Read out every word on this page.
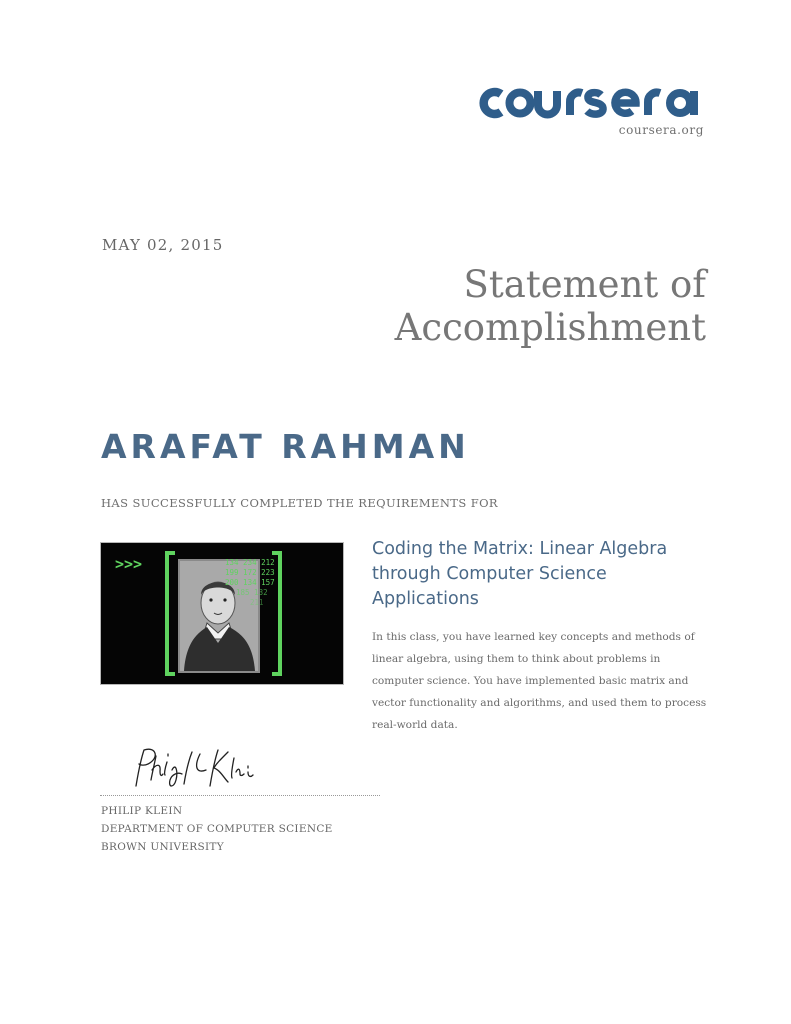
coursera.org
MAY 02, 2015
Statement of Accomplishment
ARAFAT RAHMAN
HAS SUCCESSFULLY COMPLETED THE REQUIREMENTS FOR
>>>	134 234 212
199 172 223
200 134 157
185 132
211
Coding the Matrix: Linear Algebra through Computer Science Applications
In this class, you have learned key concepts and methods of linear algebra, using them to think about problems in computer science. You have implemented basic matrix and vector functionality and algorithms, and used them to process real-world data.
PHILIP KLEIN
DEPARTMENT OF COMPUTER SCIENCE
BROWN UNIVERSITY
